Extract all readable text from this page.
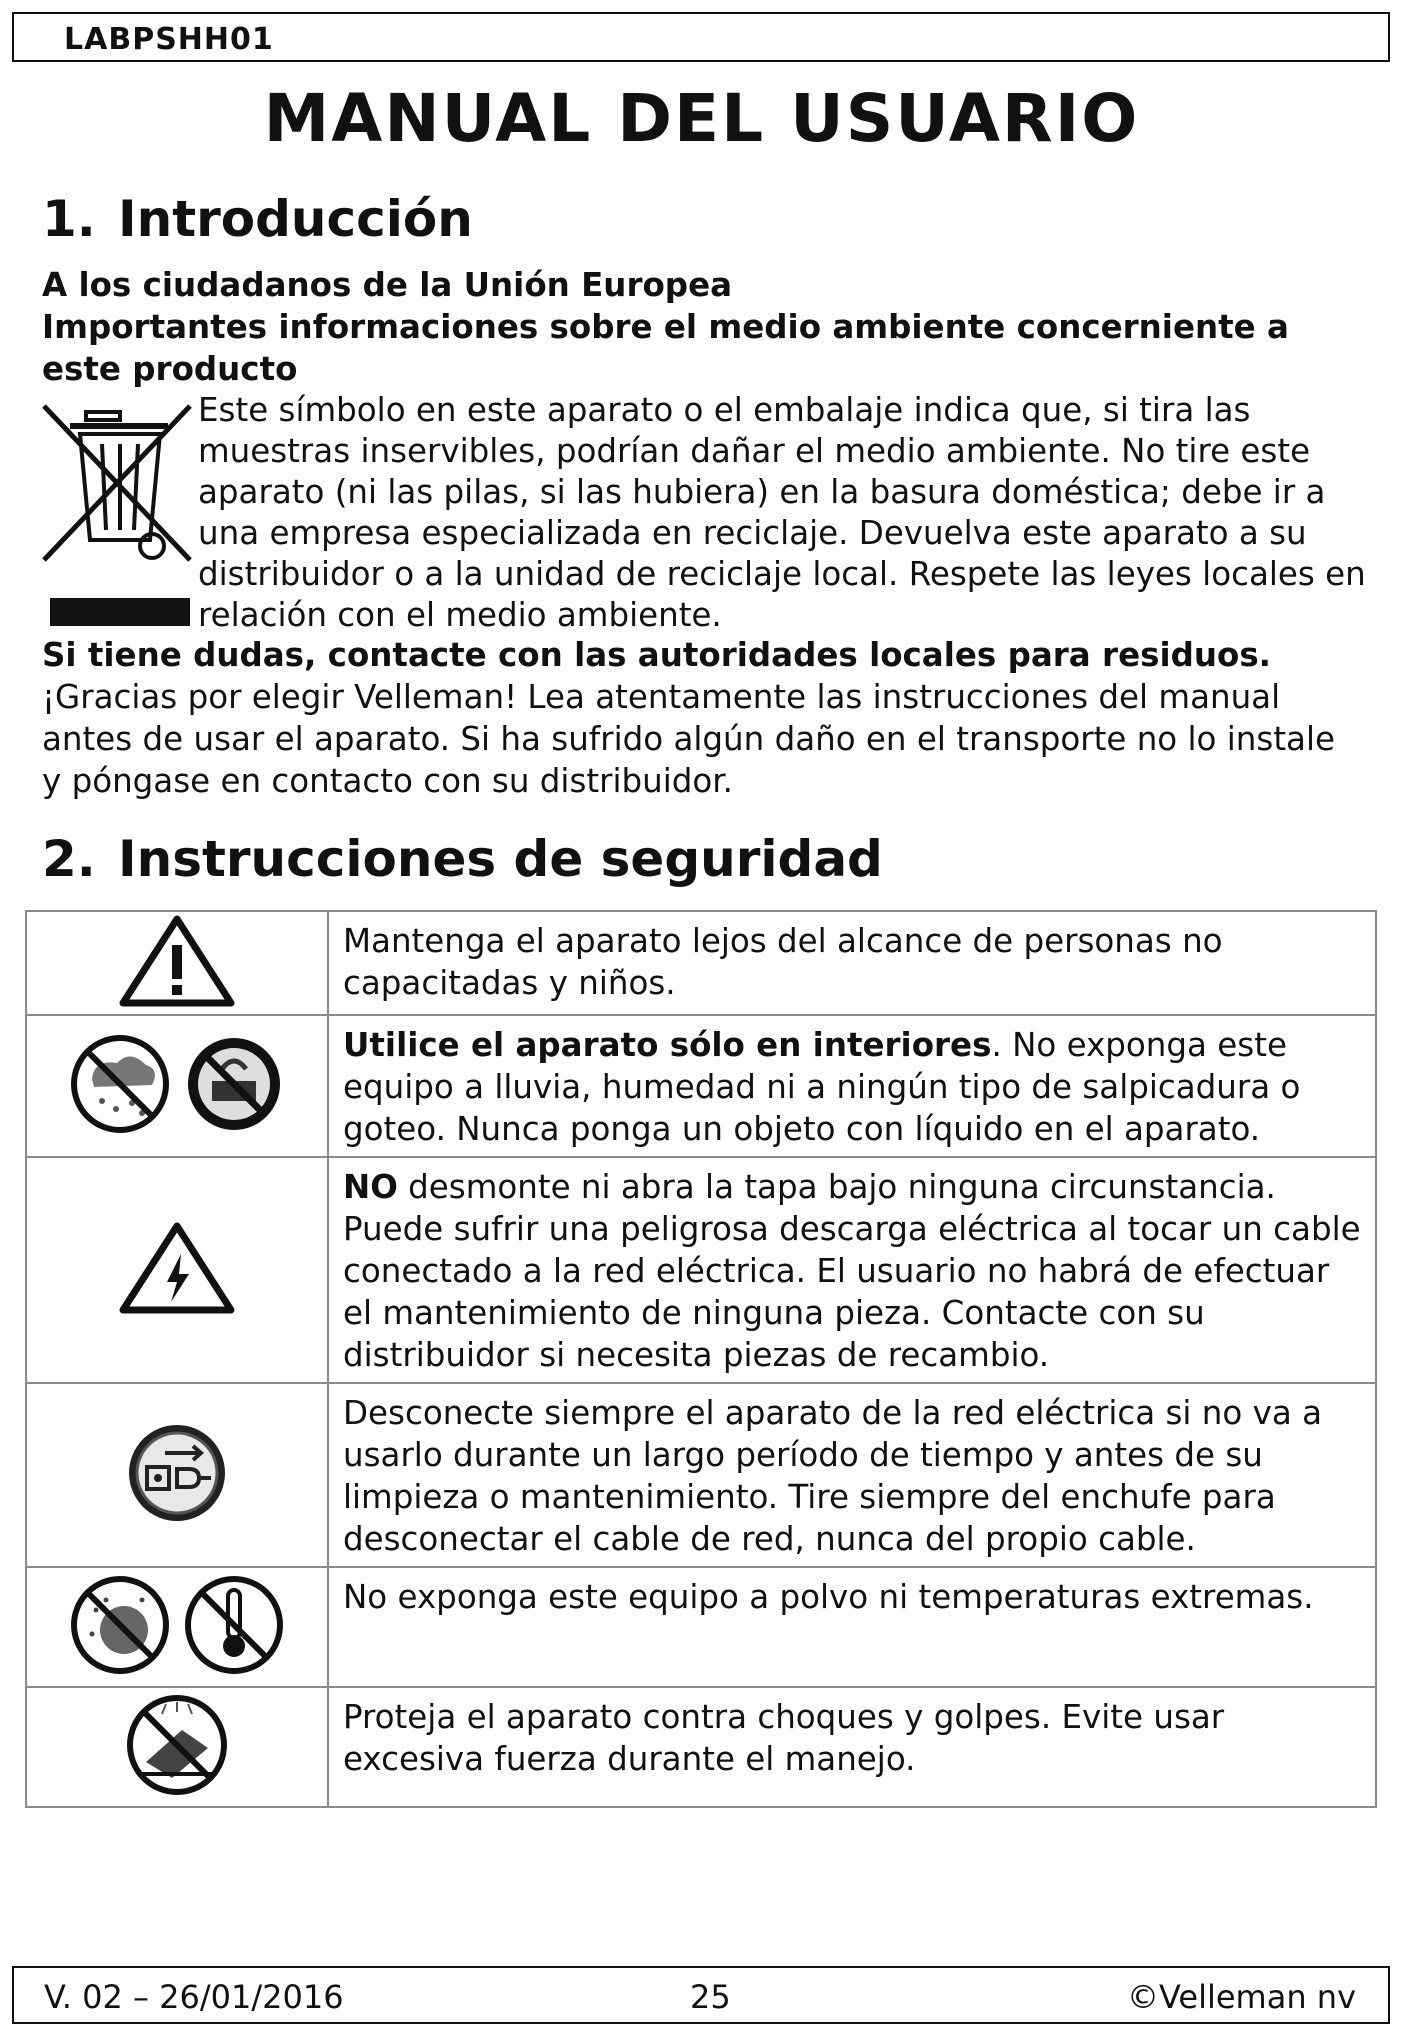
LABPSHH01
MANUAL DEL USUARIO
1. Introducción

A los ciudadanos de la Unión Europea

Importantes informaciones sobre el medio ambiente concerniente a este producto

Este símbolo en este aparato o el embalaje indica que, si tira las muestras inservibles, podrían dañar el medio ambiente. No tire este aparato (ni las pilas, si las hubiera) en la basura doméstica; debe ir a una empresa especializada en reciclaje. Devuelva este aparato a su distribuidor o a la unidad de reciclaje local. Respete las leyes locales en relación con el medio ambiente.

Si tiene dudas, contacte con las autoridades locales para residuos.

¡Gracias por elegir Velleman! Lea atentamente las instrucciones del manual antes de usar el aparato. Si ha sufrido algún daño en el transporte no lo instale y póngase en contacto con su distribuidor.

2. Instrucciones de seguridad
	Mantenga el aparato lejos del alcance de personas no capacitadas y niños.
	Utilice el aparato sólo en interiores. No exponga este equipo a lluvia, humedad ni a ningún tipo de salpicadura o goteo. Nunca ponga un objeto con líquido en el aparato.
	NO desmonte ni abra la tapa bajo ninguna circunstancia. Puede sufrir una peligrosa descarga eléctrica al tocar un cable conectado a la red eléctrica. El usuario no habrá de efectuar el mantenimiento de ninguna pieza. Contacte con su distribuidor si necesita piezas de recambio.
	Desconecte siempre el aparato de la red eléctrica si no va a usarlo durante un largo período de tiempo y antes de su limpieza o mantenimiento. Tire siempre del enchufe para desconectar el cable de red, nunca del propio cable.
	No exponga este equipo a polvo ni temperaturas extremas.
	Proteja el aparato contra choques y golpes. Evite usar excesiva fuerza durante el manejo.
V. 02 – 26/01/2016	25	©Velleman nv
